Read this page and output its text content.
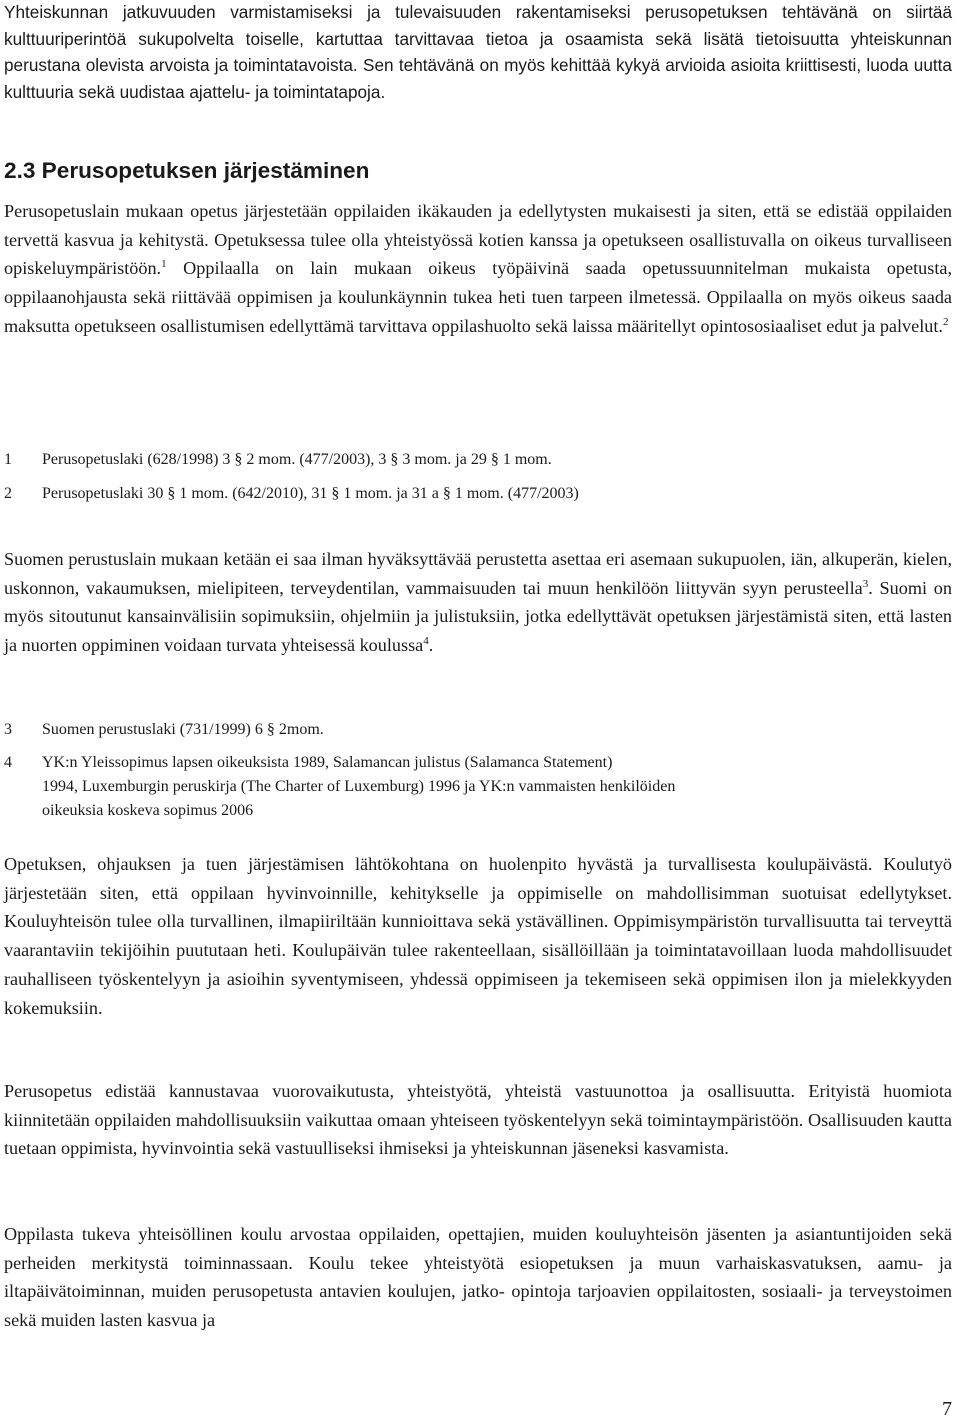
Yhteiskunnan jatkuvuuden varmistamiseksi ja tulevaisuuden rakentamiseksi perusopetuksen tehtävänä on siirtää kulttuuriperintöä sukupolvelta toiselle, kartuttaa tarvittavaa tietoa ja osaamista sekä lisätä tietoisuutta yhteiskunnan perustana olevista arvoista ja toimintatavoista. Sen tehtävänä on myös kehittää kykyä arvioida asioita kriittisesti, luoda uutta kulttuuria sekä uudistaa ajattelu- ja toimintatapoja.

2.3 Perusopetuksen järjestäminen

Perusopetuslain mukaan opetus järjestetään oppilaiden ikäkauden ja edellytysten mukaisesti ja siten, että se edistää oppilaiden tervettä kasvua ja kehitystä. Opetuksessa tulee olla yhteistyössä kotien kanssa ja opetukseen osallistuvalla on oikeus turvalliseen opiskeluympäristöön.$^1$ Oppilaalla on lain mukaan oikeus työpäivinä saada opetussuunnitelman mukaista opetusta, oppilaanohjausta sekä riittävää oppimisen ja koulunkäynnin tukea heti tuen tarpeen ilmetessä. Oppilaalla on myös oikeus saada maksutta opetukseen osallistumisen edellyttämä tarvittava oppilashuolto sekä laissa määritellyt opintososiaaliset edut ja palvelut.$^2$

1 Perusopetuslaki (628/1998) 3 § 2 mom. (477/2003), 3 § 3 mom. ja 29 § 1 mom.
2 Perusopetuslaki 30 § 1 mom. (642/2010), 31 § 1 mom. ja 31 a § 1 mom. (477/2003)

Suomen perustuslain mukaan ketään ei saa ilman hyväksyttävää perustetta asettaa eri asemaan sukupuolen, iän, alkuperän, kielen, uskonnon, vakaumuksen, mielipiteen, terveydentilan, vammaisuuden tai muun henkilöön liittyvän syyn perusteella$^3$. Suomi on myös sitoutunut kansainvälisiin sopimuksiin, ohjelmiin ja julistuksiin, jotka edellyttävät opetuksen järjestämistä siten, että lasten ja nuorten oppiminen voidaan turvata yhteisessä koulussa$^4$.

3 Suomen perustuslaki (731/1999) 6 § 2mom.
4 YK:n Yleissopimus lapsen oikeuksista 1989, Salamancan julistus (Salamanca Statement)
1994, Luxemburgin peruskirja (The Charter of Luxemburg) 1996 ja YK:n vammaisten henkilöiden
oikeuksia koskeva sopimus 2006

Opetuksen, ohjauksen ja tuen järjestämisen lähtökohtana on huolenpito hyvästä ja turvallisesta koulupäivästä. Koulutyö järjestetään siten, että oppilaan hyvinvoinnille, kehitykselle ja oppimiselle on mahdollisimman suotuisat edellytykset. Kouluyhteisön tulee olla turvallinen, ilmapiiriltään kunnioittava sekä ystävällinen. Oppimisympäristön turvallisuutta tai terveyttä vaarantaviin tekijöihin puututaan heti. Koulupäivän tulee rakenteellaan, sisällöillään ja toimintatavoillaan luoda mahdollisuudet rauhalliseen työskentelyyn ja asioihin syventymiseen, yhdessä oppimiseen ja tekemiseen sekä oppimisen ilon ja mielekkyyden kokemuksiin.

Perusopetus edistää kannustavaa vuorovaikutusta, yhteistyötä, yhteistä vastuunottoa ja osallisuutta. Erityistä huomiota kiinnitetään oppilaiden mahdollisuuksiin vaikuttaa omaan yhteiseen työskentelyyn sekä toimintaympäristöön. Osallisuuden kautta tuetaan oppimista, hyvinvointia sekä vastuulliseksi ihmiseksi ja yhteiskunnan jäseneksi kasvamista.

Oppilasta tukeva yhteisöllinen koulu arvostaa oppilaiden, opettajien, muiden kouluyhteisön jäsenten ja asiantuntijoiden sekä perheiden merkitystä toiminnassaan. Koulu tekee yhteistyötä esiopetuksen ja muun varhaiskasvatuksen, aamu- ja iltapäivätoiminnan, muiden perusopetusta antavien koulujen, jatko- opintoja tarjoavien oppilaitosten, sosiaali- ja terveystoimen sekä muiden lasten kasvua ja

7
